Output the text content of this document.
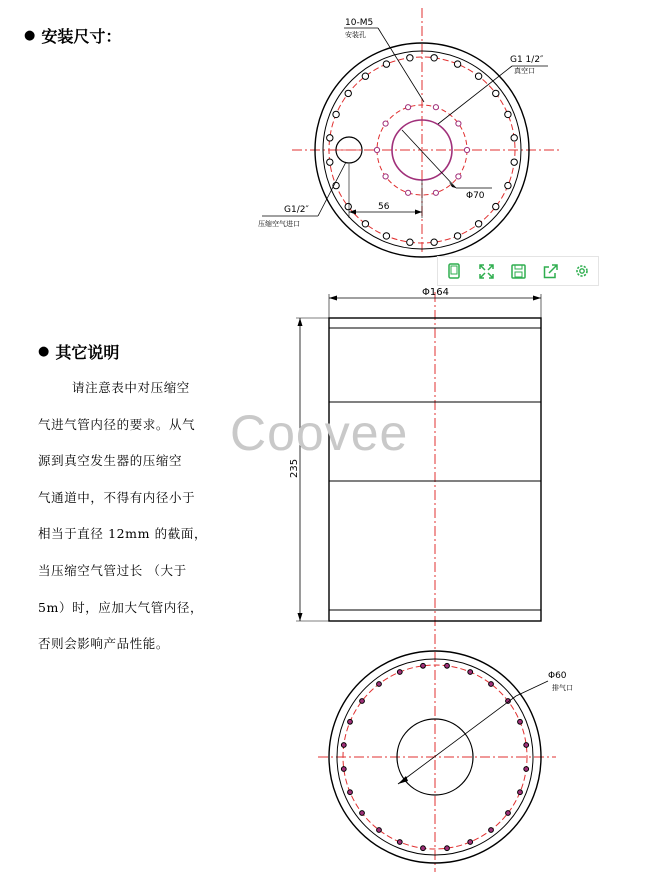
● 安装尺寸：
● 其它说明
请注意表中对压缩空
气进气管内径的要求。从气
源到真空发生器的压缩空
气通道中，不得有内径小于
相当于直径 12mm 的截面，
当压缩空气管过长 （大于
5m）时，应加大气管内径，
否则会影响产品性能。
10-M5
安装孔
G1 1/2″
真空口
G1/2″
压缩空气进口
56
Φ70
Φ164
235
Φ60
排气口
Coovee
